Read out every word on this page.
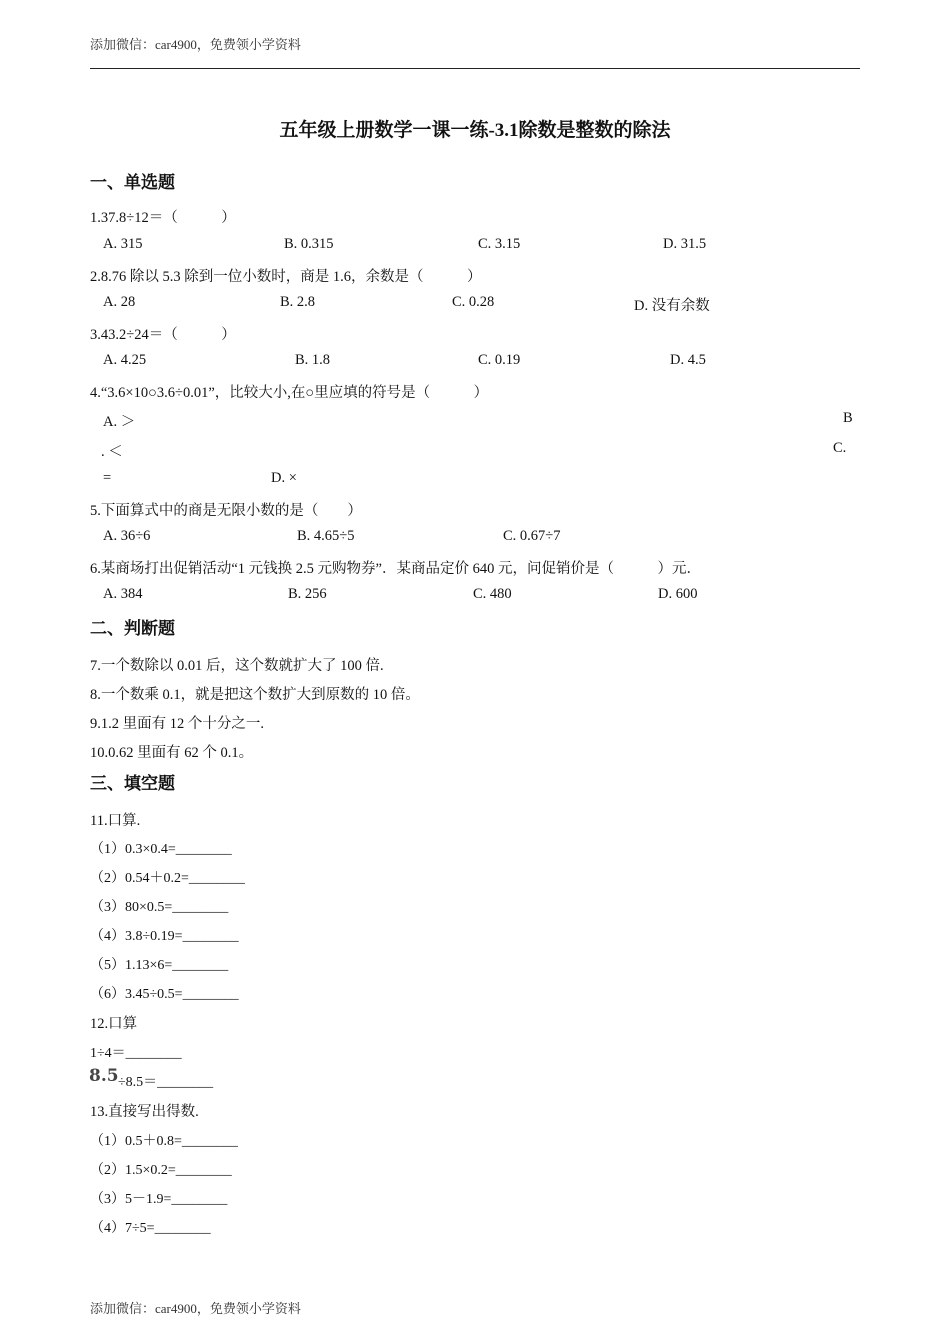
添加微信：car4900，免费领小学资料
五年级上册数学一课一练-3.1除数是整数的除法
一、单选题
1.37.8÷12＝（　　　）
A. 315	B. 0.315	C. 3.15	D. 31.5
2.8.76 除以 5.3 除到一位小数时，商是 1.6，余数是（　　　）
A. 28	B. 2.8	C. 0.28	D. 没有余数
3.43.2÷24＝（　　　）
A. 4.25	B. 1.8	C. 0.19	D. 4.5
4.“3.6×10○3.6÷0.01”，比较大小,在○里应填的符号是（　　　）
A. ＞	B
. ＜	C.
=	D. ×
5.下面算式中的商是无限小数的是（　　）
A. 36÷6	B. 4.65÷5	C. 0.67÷7
6.某商场打出促销活动“1 元钱换 2.5 元购物券”．某商品定价 640 元，问促销价是（　　　）元．
A. 384	B. 256	C. 480	D. 600
二、判断题
7.一个数除以 0.01 后，这个数就扩大了 100 倍.
8.一个数乘 0.1，就是把这个数扩大到原数的 10 倍。
9.1.2 里面有 12 个十分之一.
10.0.62 里面有 62 个 0.1。
三、填空题
11.口算.
（1）0.3×0.4=________
（2）0.54＋0.2=________
（3）80×0.5=________
（4）3.8÷0.19=________
（5）1.13×6=________
（6）3.45÷0.5=________
12.口算
1÷4＝________
8.5 ÷8.5＝________
13.直接写出得数.
（1）0.5＋0.8=________
（2）1.5×0.2=________
（3）5－1.9=________
（4）7÷5=________
添加微信：car4900，免费领小学资料
